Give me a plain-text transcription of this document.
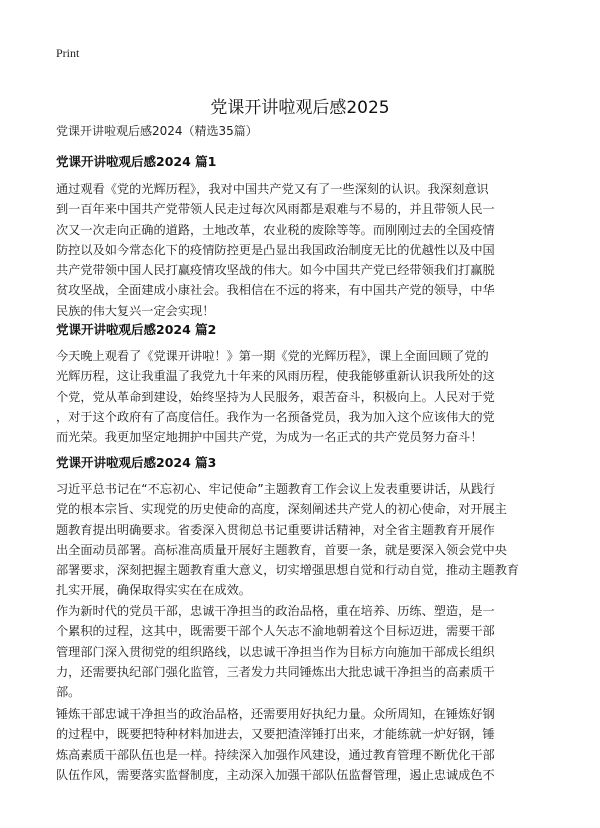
Print
党课开讲啦观后感2025
党课开讲啦观后感2024（精选35篇）
党课开讲啦观后感2024 篇1
通过观看《党的光辉历程》，我对中国共产党又有了一些深刻的认识。我深刻意识
到一百年来中国共产党带领人民走过每次风雨都是艰难与不易的，并且带领人民一
次又一次走向正确的道路，土地改革，农业税的废除等等。而刚刚过去的全国疫情
防控以及如今常态化下的疫情防控更是凸显出我国政治制度无比的优越性以及中国
共产党带领中国人民打赢疫情攻坚战的伟大。如今中国共产党已经带领我们打赢脱
贫攻坚战，全面建成小康社会。我相信在不远的将来，有中国共产党的领导，中华
民族的伟大复兴一定会实现！
党课开讲啦观后感2024 篇2
今天晚上观看了《党课开讲啦！》第一期《党的光辉历程》，课上全面回顾了党的
光辉历程，这让我重温了我党九十年来的风雨历程，使我能够重新认识我所处的这
个党，党从革命到建设，始终坚持为人民服务，艰苦奋斗，积极向上。人民对于党
，对于这个政府有了高度信任。我作为一名预备党员，我为加入这个应该伟大的党
而光荣。我更加坚定地拥护中国共产党，为成为一名正式的共产党员努力奋斗！
党课开讲啦观后感2024 篇3
习近平总书记在“不忘初心、牢记使命”主题教育工作会议上发表重要讲话，从践行
党的根本宗旨、实现党的历史使命的高度，深刻阐述共产党人的初心使命，对开展主
题教育提出明确要求。省委深入贯彻总书记重要讲话精神，对全省主题教育开展作
出全面动员部署。高标准高质量开展好主题教育，首要一条，就是要深入领会党中央
部署要求，深刻把握主题教育重大意义，切实增强思想自觉和行动自觉，推动主题教育
扎实开展，确保取得实实在在成效。
作为新时代的党员干部，忠诚干净担当的政治品格，重在培养、历练、塑造，是一
个累积的过程，这其中，既需要干部个人矢志不渝地朝着这个目标迈进，需要干部
管理部门深入贯彻党的组织路线，以忠诚干净担当作为目标方向施加干部成长组织
力，还需要执纪部门强化监管，三者发力共同锤炼出大批忠诚干净担当的高素质干
部。
锤炼干部忠诚干净担当的政治品格，还需要用好执纪力量。众所周知，在锤炼好钢
的过程中，既要把特种材料加进去，又要把渣滓锤打出来，才能练就一炉好钢，锤
炼高素质干部队伍也是一样。持续深入加强作风建设，通过教育管理不断优化干部
队伍作风，需要落实监督制度，主动深入加强干部队伍监督管理，遏止忠诚成色不
